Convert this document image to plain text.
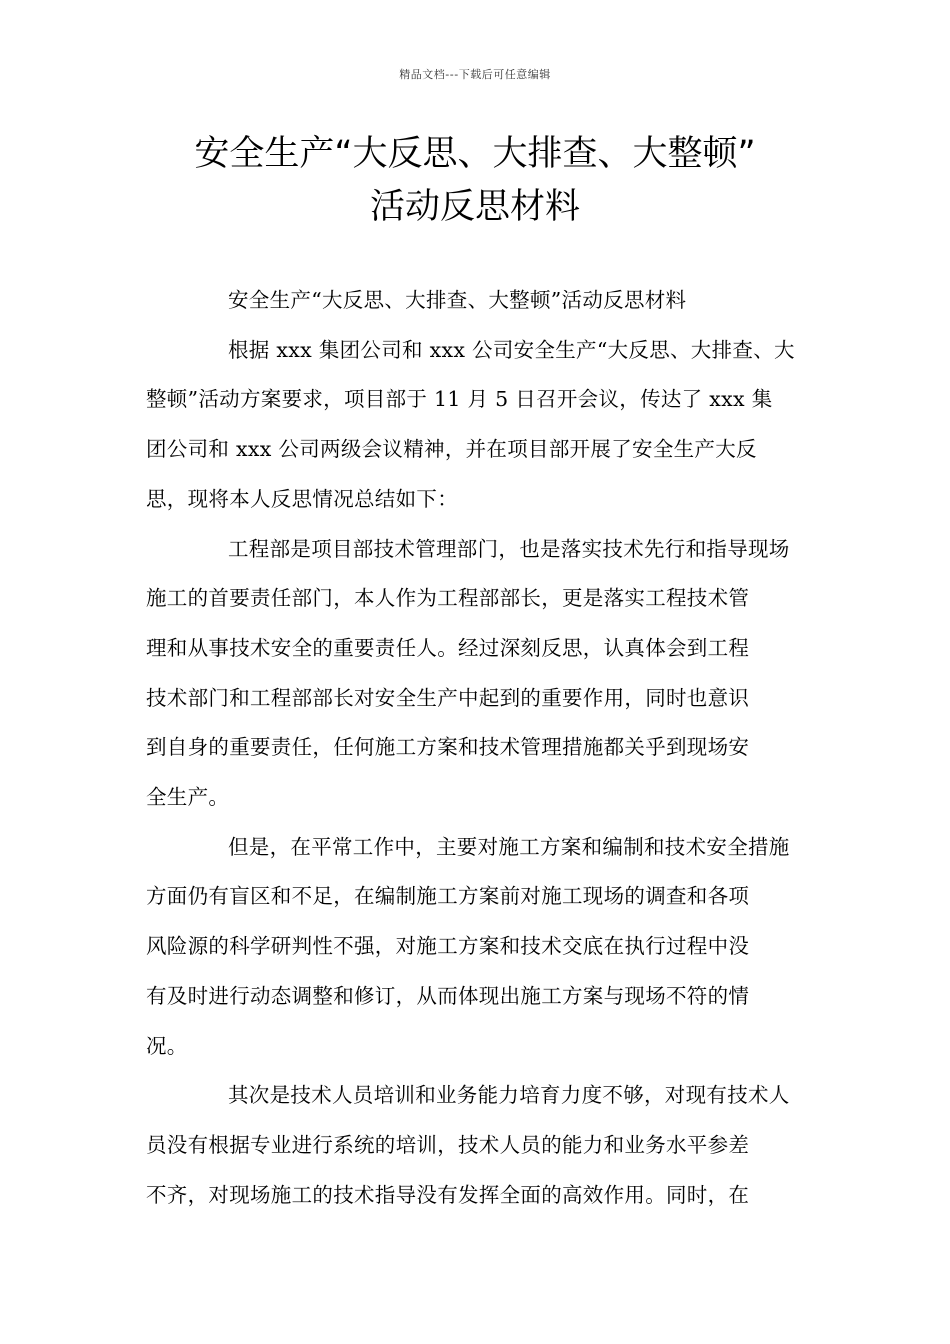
精品文档---下载后可任意编辑
安全生产“大反思、大排查、大整顿”
活动反思材料
安全生产“大反思、大排查、大整顿”活动反思材料
根据 xxx 集团公司和 xxx 公司安全生产“大反思、大排查、大
整顿”活动方案要求，项目部于 11 月 5 日召开会议，传达了 xxx 集
团公司和 xxx 公司两级会议精神，并在项目部开展了安全生产大反
思，现将本人反思情况总结如下：
工程部是项目部技术管理部门，也是落实技术先行和指导现场
施工的首要责任部门，本人作为工程部部长，更是落实工程技术管
理和从事技术安全的重要责任人。经过深刻反思，认真体会到工程
技术部门和工程部部长对安全生产中起到的重要作用，同时也意识
到自身的重要责任，任何施工方案和技术管理措施都关乎到现场安
全生产。
但是，在平常工作中，主要对施工方案和编制和技术安全措施
方面仍有盲区和不足，在编制施工方案前对施工现场的调查和各项
风险源的科学研判性不强，对施工方案和技术交底在执行过程中没
有及时进行动态调整和修订，从而体现出施工方案与现场不符的情
况。
其次是技术人员培训和业务能力培育力度不够，对现有技术人
员没有根据专业进行系统的培训，技术人员的能力和业务水平参差
不齐，对现场施工的技术指导没有发挥全面的高效作用。同时，在
